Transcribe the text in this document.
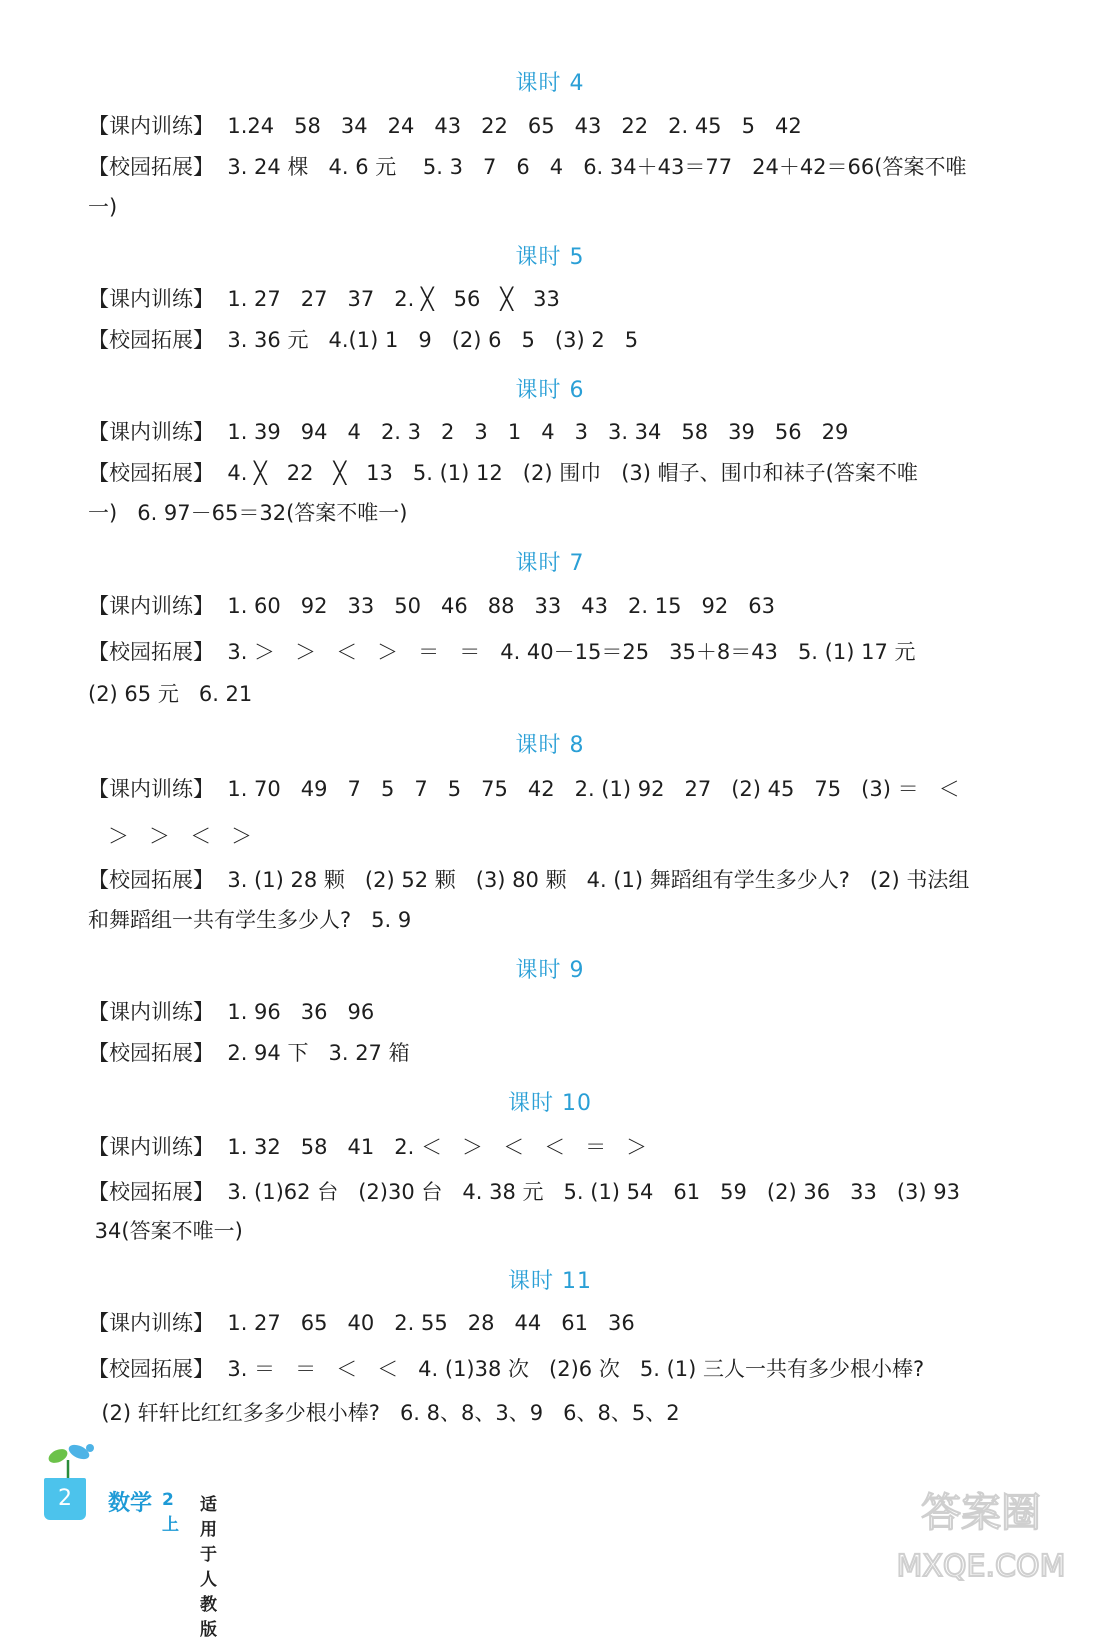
课时 4
【课内训练】  1.24   58   34   24   43   22   65   43   22   2. 45   5   42
【校园拓展】  3. 24 棵   4. 6 元    5. 3   7   6   4   6. 34＋43＝77   24＋42＝66(答案不唯
一)
课时 5
【课内训练】  1. 27   27   37   2. ╳   56   ╳   33
【校园拓展】  3. 36 元   4.(1) 1   9   (2) 6   5   (3) 2   5
课时 6
【课内训练】  1. 39   94   4   2. 3   2   3   1   4   3   3. 34   58   39   56   29
【校园拓展】  4. ╳   22   ╳   13   5. (1) 12   (2) 围巾   (3) 帽子、围巾和袜子(答案不唯
一)   6. 97－65＝32(答案不唯一)
课时 7
【课内训练】  1. 60   92   33   50   46   88   33   43   2. 15   92   63
【校园拓展】  3. ＞   ＞   ＜   ＞   ＝   ＝   4. 40－15＝25   35＋8＝43   5. (1) 17 元
(2) 65 元   6. 21
课时 8
【课内训练】  1. 70   49   7   5   7   5   75   42   2. (1) 92   27   (2) 45   75   (3) ＝   ＜
＞   ＞   ＜   ＞
【校园拓展】  3. (1) 28 颗   (2) 52 颗   (3) 80 颗   4. (1) 舞蹈组有学生多少人?   (2) 书法组
和舞蹈组一共有学生多少人?   5. 9
课时 9
【课内训练】  1. 96   36   96
【校园拓展】  2. 94 下   3. 27 箱
课时 10
【课内训练】  1. 32   58   41   2. ＜   ＞   ＜   ＜   ＝   ＞
【校园拓展】  3. (1)62 台   (2)30 台   4. 38 元   5. (1) 54   61   59   (2) 36   33   (3) 93
34(答案不唯一)
课时 11
【课内训练】  1. 27   65   40   2. 55   28   44   61   36
【校园拓展】  3. ＝   ＝   ＜   ＜   4. (1)38 次   (2)6 次   5. (1) 三人一共有多少根小棒?
(2) 轩轩比红红多多少根小棒?   6. 8、8、3、9   6、8、5、2
2	数学 2上
适用于人教版
答案圈
MXQE.COM
